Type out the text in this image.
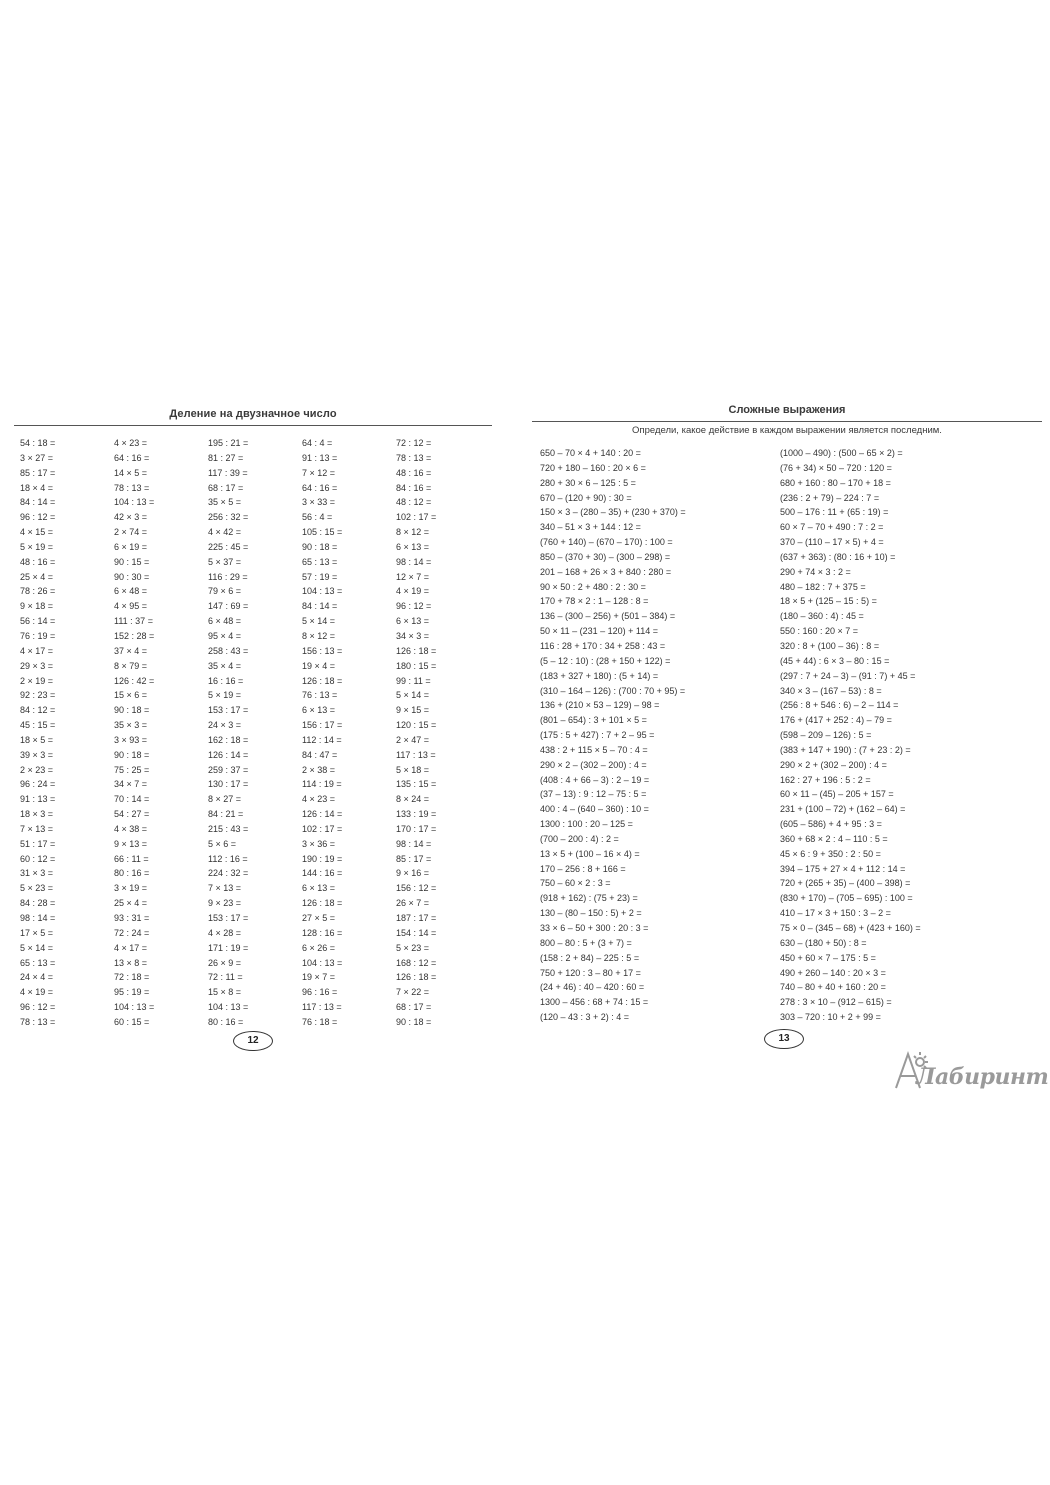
Деление на двузначное число
54 : 18 =
3 × 27 =
85 : 17 =
18 × 4 =
84 : 14 =
96 : 12 =
4 × 15 =
5 × 19 =
48 : 16 =
25 × 4 =
78 : 26 =
9 × 18 =
56 : 14 =
76 : 19 =
4 × 17 =
29 × 3 =
2 × 19 =
92 : 23 =
84 : 12 =
45 : 15 =
18 × 5 =
39 × 3 =
2 × 23 =
96 : 24 =
91 : 13 =
18 × 3 =
7 × 13 =
51 : 17 =
60 : 12 =
31 × 3 =
5 × 23 =
84 : 28 =
98 : 14 =
17 × 5 =
5 × 14 =
65 : 13 =
24 × 4 =
4 × 19 =
96 : 12 =
78 : 13 =
4 × 23 =
64 : 16 =
14 × 5 =
78 : 13 =
104 : 13 =
42 × 3 =
2 × 74 =
6 × 19 =
90 : 15 =
90 : 30 =
6 × 48 =
4 × 95 =
111 : 37 =
152 : 28 =
37 × 4 =
8 × 79 =
126 : 42 =
15 × 6 =
90 : 18 =
35 × 3 =
3 × 93 =
90 : 18 =
75 : 25 =
34 × 7 =
70 : 14 =
54 : 27 =
4 × 38 =
9 × 13 =
66 : 11 =
80 : 16 =
3 × 19 =
25 × 4 =
93 : 31 =
72 : 24 =
4 × 17 =
13 × 8 =
72 : 18 =
95 : 19 =
104 : 13 =
60 : 15 =
195 : 21 =
81 : 27 =
117 : 39 =
68 : 17 =
35 × 5 =
256 : 32 =
4 × 42 =
225 : 45 =
5 × 37 =
116 : 29 =
79 × 6 =
147 : 69 =
6 × 48 =
95 × 4 =
258 : 43 =
35 × 4 =
16 : 16 =
5 × 19 =
153 : 17 =
24 × 3 =
162 : 18 =
126 : 14 =
259 : 37 =
130 : 17 =
8 × 27 =
84 : 21 =
215 : 43 =
5 × 6 =
112 : 16 =
224 : 32 =
7 × 13 =
9 × 23 =
153 : 17 =
4 × 28 =
171 : 19 =
26 × 9 =
72 : 11 =
15 × 8 =
104 : 13 =
80 : 16 =
64 : 4 =
91 : 13 =
7 × 12 =
64 : 16 =
3 × 33 =
56 : 4 =
105 : 15 =
90 : 18 =
65 : 13 =
57 : 19 =
104 : 13 =
84 : 14 =
5 × 14 =
8 × 12 =
156 : 13 =
19 × 4 =
126 : 18 =
76 : 13 =
6 × 13 =
156 : 17 =
112 : 14 =
84 : 47 =
2 × 38 =
114 : 19 =
4 × 23 =
126 : 14 =
102 : 17 =
3 × 36 =
190 : 19 =
144 : 16 =
6 × 13 =
126 : 18 =
27 × 5 =
128 : 16 =
6 × 26 =
104 : 13 =
19 × 7 =
96 : 16 =
117 : 13 =
76 : 18 =
72 : 12 =
78 : 13 =
48 : 16 =
84 : 16 =
48 : 12 =
102 : 17 =
8 × 12 =
6 × 13 =
98 : 14 =
12 × 7 =
4 × 19 =
96 : 12 =
6 × 13 =
34 × 3 =
126 : 18 =
180 : 15 =
99 : 11 =
5 × 14 =
9 × 15 =
120 : 15 =
2 × 47 =
117 : 13 =
5 × 18 =
135 : 15 =
8 × 24 =
133 : 19 =
170 : 17 =
98 : 14 =
85 : 17 =
9 × 16 =
156 : 12 =
26 × 7 =
187 : 17 =
154 : 14 =
5 × 23 =
168 : 12 =
126 : 18 =
7 × 22 =
68 : 17 =
90 : 18 =
12
Сложные выражения
Определи, какое действие в каждом выражении является последним.
650 – 70 × 4 + 140 : 20 =
720 + 180 – 160 : 20 × 6 =
280 + 30 × 6 – 125 : 5 =
670 – (120 + 90) : 30 =
150 × 3 – (280 – 35) + (230 + 370) =
340 – 51 × 3 + 144 : 12 =
(760 + 140) – (670 – 170) : 100 =
850 – (370 + 30) – (300 – 298) =
201 – 168 + 26 × 3 + 840 : 280 =
90 × 50 : 2 + 480 : 2 : 30 =
170 + 78 × 2 : 1 – 128 : 8 =
136 – (300 – 256) + (501 – 384) =
50 × 11 – (231 – 120) + 114 =
116 : 28 + 170 : 34 + 258 : 43 =
(5 – 12 : 10) : (28 + 150 + 122) =
(183 + 327 + 180) : (5 + 14) =
(310 – 164 – 126) : (700 : 70 + 95) =
136 + (210 × 53 – 129) – 98 =
(801 – 654) : 3 + 101 × 5 =
(175 : 5 + 427) : 7 + 2 – 95 =
438 : 2 + 115 × 5 – 70 : 4 =
290 × 2 – (302 – 200) : 4 =
(408 : 4 + 66 – 3) : 2 – 19 =
(37 – 13) : 9 : 12 – 75 : 5 =
400 : 4 – (640 – 360) : 10 =
1300 : 100 : 20 – 125 =
(700 – 200 : 4) : 2 =
13 × 5 + (100 – 16 × 4) =
170 – 256 : 8 + 166 =
750 – 60 × 2 : 3 =
(918 + 162) : (75 + 23) =
130 – (80 – 150 : 5) + 2 =
33 × 6 – 50 + 300 : 20 : 3 =
800 – 80 : 5 + (3 + 7) =
(158 : 2 + 84) – 225 : 5 =
750 + 120 : 3 – 80 + 17 =
(24 + 46) : 40 – 420 : 60 =
1300 – 456 : 68 + 74 : 15 =
(120 – 43 : 3 + 2) : 4 =
(1000 – 490) : (500 – 65 × 2) =
(76 + 34) × 50 – 720 : 120 =
680 + 160 : 80 – 170 + 18 =
(236 : 2 + 79) – 224 : 7 =
500 – 176 : 11 + (65 : 19) =
60 × 7 – 70 + 490 : 7 : 2 =
370 – (110 – 17 × 5) + 4 =
(637 + 363) : (80 : 16 + 10) =
290 + 74 × 3 : 2 =
480 – 182 : 7 + 375 =
18 × 5 + (125 – 15 : 5) =
(180 – 360 : 4) : 45 =
550 : 160 : 20 × 7 =
320 : 8 + (100 – 36) : 8 =
(45 + 44) : 6 × 3 – 80 : 15 =
(297 : 7 + 24 – 3) – (91 : 7) + 45 =
340 × 3 – (167 – 53) : 8 =
(256 : 8 + 546 : 6) – 2 – 114 =
176 + (417 + 252 : 4) – 79 =
(598 – 209 – 126) : 5 =
(383 + 147 + 190) : (7 + 23 : 2) =
290 × 2 + (302 – 200) : 4 =
162 : 27 + 196 : 5 : 2 =
60 × 11 – (45) – 205 + 157 =
231 + (100 – 72) + (162 – 64) =
(605 – 586) + 4 + 95 : 3 =
360 + 68 × 2 : 4 – 110 : 5 =
45 × 6 : 9 + 350 : 2 : 50 =
394 – 175 + 27 × 4 + 112 : 14 =
720 + (265 + 35) – (400 – 398) =
(830 + 170) – (705 – 695) : 100 =
410 – 17 × 3 + 150 : 3 – 2 =
75 × 0 – (345 – 68) + (423 + 160) =
630 – (180 + 50) : 8 =
450 + 60 × 7 – 175 : 5 =
490 + 260 – 140 : 20 × 3 =
740 – 80 + 40 + 160 : 20 =
278 : 3 × 10 – (912 – 615) =
303 – 720 : 10 + 2 + 99 =
13
Лабиринт
